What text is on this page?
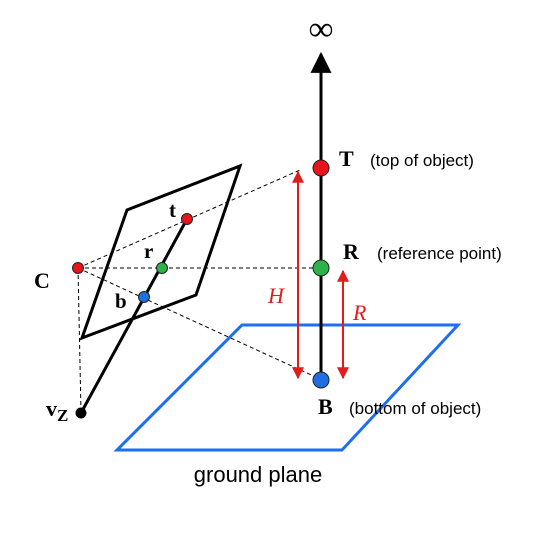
∞
T (top of object)
R (reference point)
B (bottom of object)
C
t
r
b
$v_Z$
H
R
ground plane
